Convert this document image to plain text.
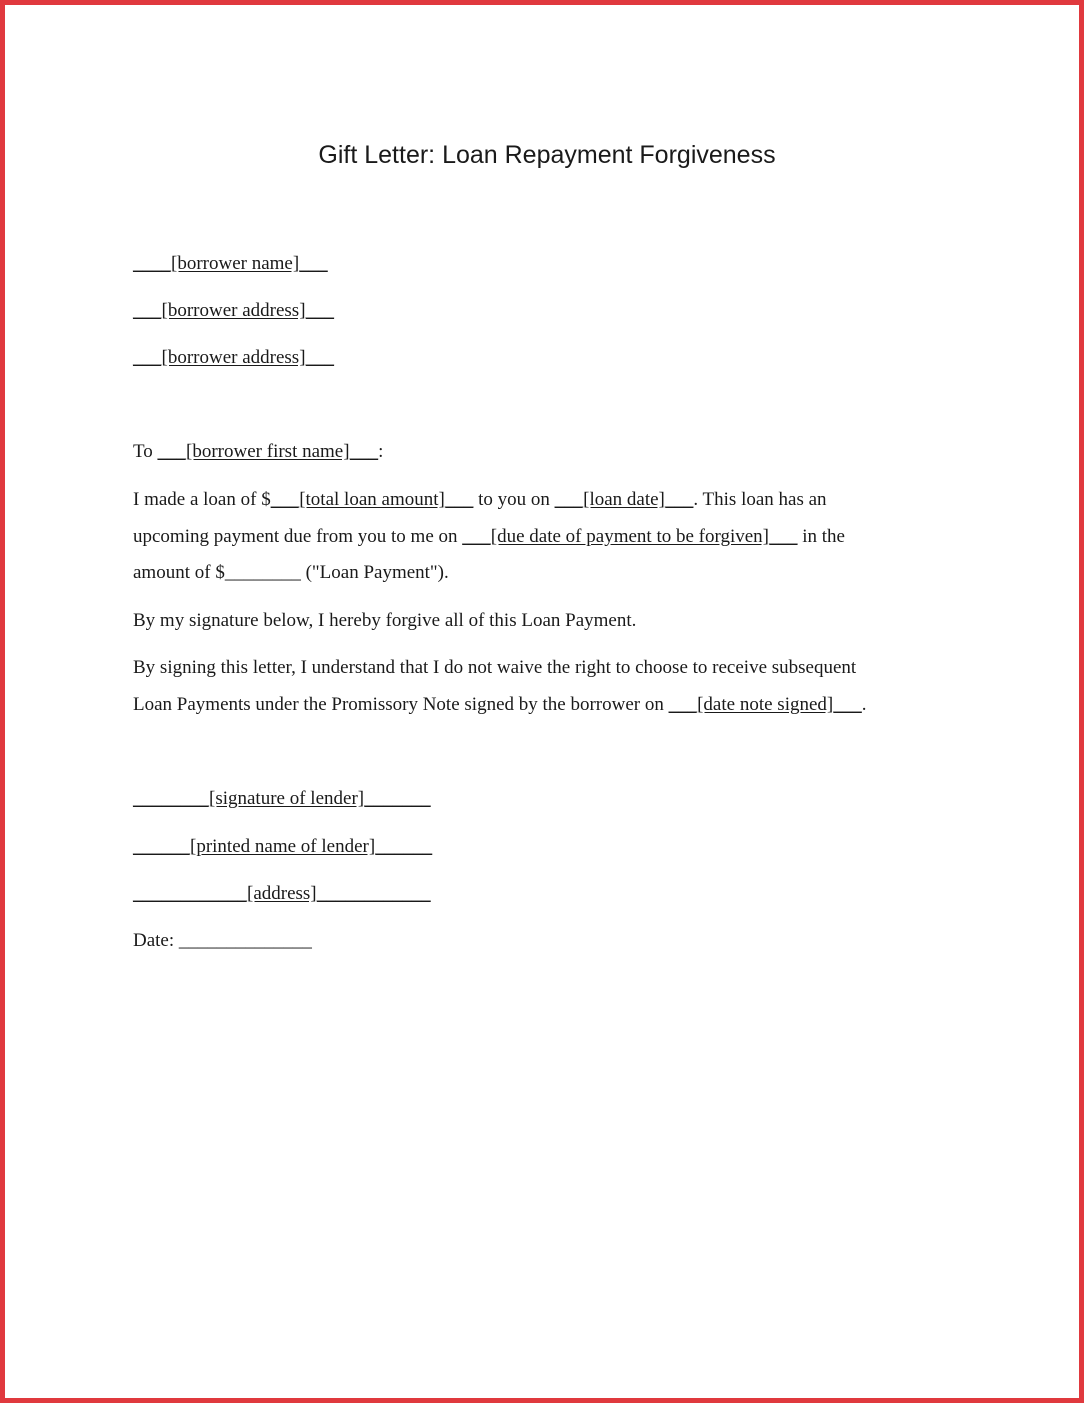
Gift Letter: Loan Repayment Forgiveness
____[borrower name]___
___[borrower address]___
___[borrower address]___
To ___[borrower first name]___:
I made a loan of $___[total loan amount]___ to you on ___[loan date]___. This loan has an
upcoming payment due from you to me on ___[due date of payment to be forgiven]___ in the
amount of $________ ("Loan Payment").
By my signature below, I hereby forgive all of this Loan Payment.
By signing this letter, I understand that I do not waive the right to choose to receive subsequent
Loan Payments under the Promissory Note signed by the borrower on ___[date note signed]___.
________[signature of lender]_______
______[printed name of lender]______
____________[address]____________
Date: ______________
